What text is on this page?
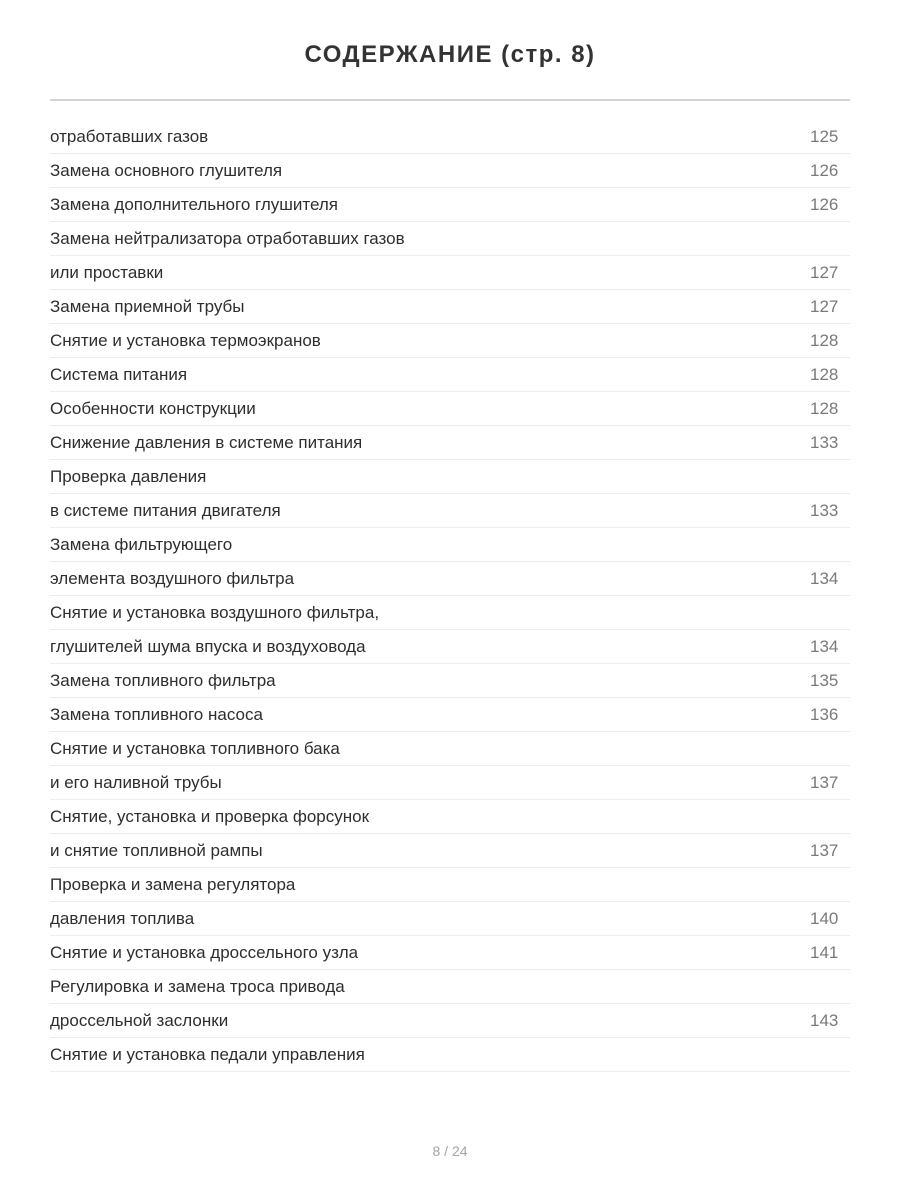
СОДЕРЖАНИЕ (стр. 8)
отработавших газов	125
Замена основного глушителя	126
Замена дополнительного глушителя	126
Замена нейтрализатора отработавших газов
или проставки	127
Замена приемной трубы	127
Снятие и установка термоэкранов	128
Система питания	128
Особенности конструкции	128
Снижение давления в системе питания	133
Проверка давления
в системе питания двигателя	133
Замена фильтрующего
элемента воздушного фильтра	134
Снятие и установка воздушного фильтра,
глушителей шума впуска и воздуховода	134
Замена топливного фильтра	135
Замена топливного насоса	136
Снятие и установка топливного бака
и его наливной трубы	137
Снятие, установка и проверка форсунок
и снятие топливной рампы	137
Проверка и замена регулятора
давления топлива	140
Снятие и установка дроссельного узла	141
Регулировка и замена троса привода
дроссельной заслонки	143
Снятие и установка педали управления
8 / 24
